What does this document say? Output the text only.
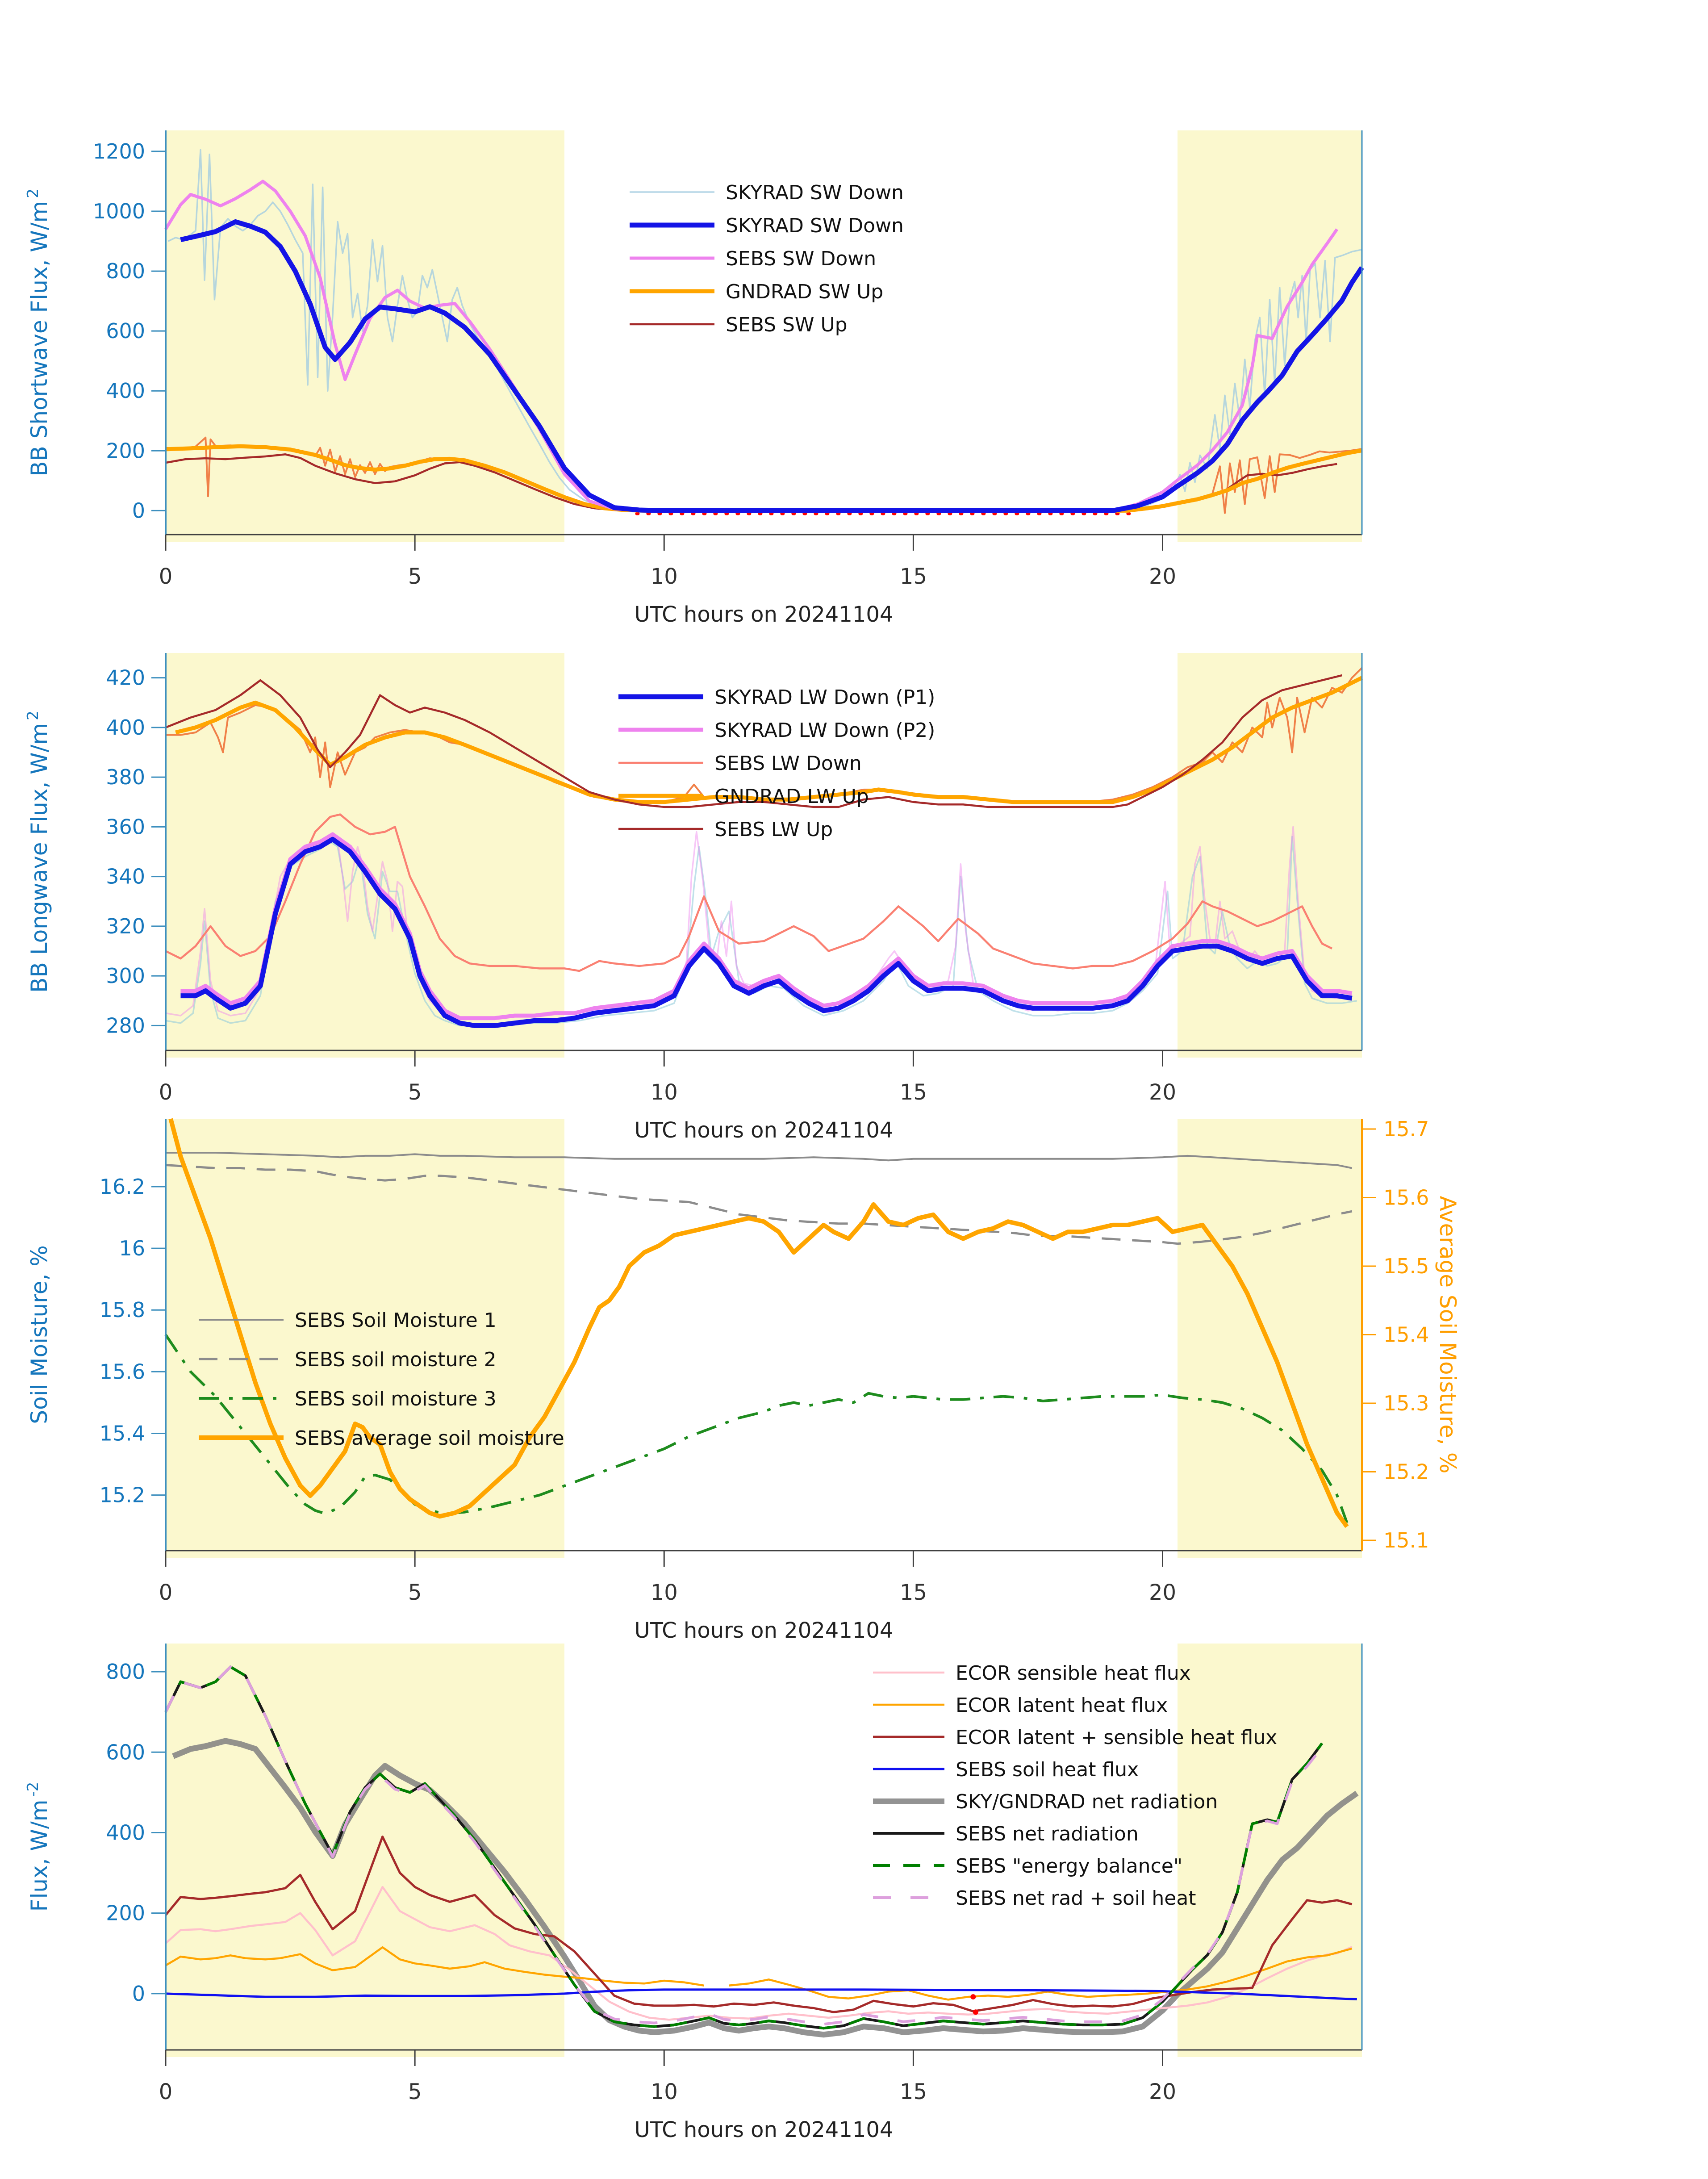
0
200
400
600
800
1000
1200
0	5	10	15	20
UTC hours on 20241104
BB Shortwave Flux, $W/m^2$	SKYRAD SW Down
SKYRAD SW Down
SEBS SW Down
GNDRAD SW Up
SEBS SW Up
280
300
320
340
360
380
400
420
0	5	10	15	20
UTC hours on 20241104
BB Longwave Flux, $W/m^2$
SKYRAD LW Down (P1)
SKYRAD LW Down (P2)
SEBS LW Down
GNDRAD LW Up
SEBS LW Up
15.2
15.4
15.6
15.8
16
16.2
15.1
15.2
15.3
15.4
15.5
15.6
15.7
0	5	10	15	20
UTC hours on 20241104
Soil Moisture, %	Average Soil Moisture, %
SEBS Soil Moisture 1
SEBS soil moisture 2
SEBS soil moisture 3
SEBS average soil moisture
0
200
400
600
800
0	5	10	15	20
UTC hours on 20241104
Flux, $W/m^{-2}$
ECOR sensible heat flux
ECOR latent heat flux
ECOR latent + sensible heat flux
SEBS soil heat flux
SKY/GNDRAD net radiation
SEBS net radiation
SEBS "energy balance"
SEBS net rad + soil heat
